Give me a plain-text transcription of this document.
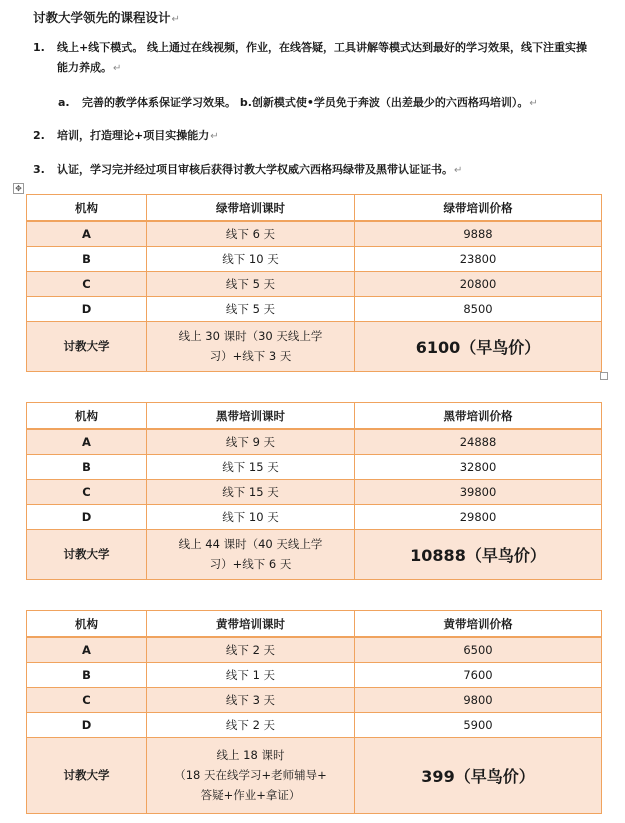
讨教大学领先的课程设计↵
1. 线上+线下模式。 线上通过在线视频，作业，在线答疑，工具讲解等模式达到最好的学习效果，线下注重实操能力养成。↵
a. 完善的教学体系保证学习效果。 b.创新模式使•学员免于奔波（出差最少的六西格玛培训）。↵
2. 培训，打造理论+项目实操能力↵
3. 认证，学习完并经过项目审核后获得讨教大学权威六西格玛绿带及黑带认证证书。↵
✥
机构	绿带培训课时	绿带培训价格
A	线下 6 天	9888
B	线下 10 天	23800
C	线下 5 天	20800
D	线下 5 天	8500
讨教大学	线上 30 课时（30 天线上学
习）+线下 3 天	6100（早鸟价）
机构	黑带培训课时	黑带培训价格
A	线下 9 天	24888
B	线下 15 天	32800
C	线下 15 天	39800
D	线下 10 天	29800
讨教大学	线上 44 课时（40 天线上学
习）+线下 6 天	10888（早鸟价）
机构	黄带培训课时	黄带培训价格
A	线下 2 天	6500
B	线下 1 天	7600
C	线下 3 天	9800
D	线下 2 天	5900
讨教大学	线上 18 课时
（18 天在线学习+老师辅导+
答疑+作业+拿证）	399（早鸟价）
